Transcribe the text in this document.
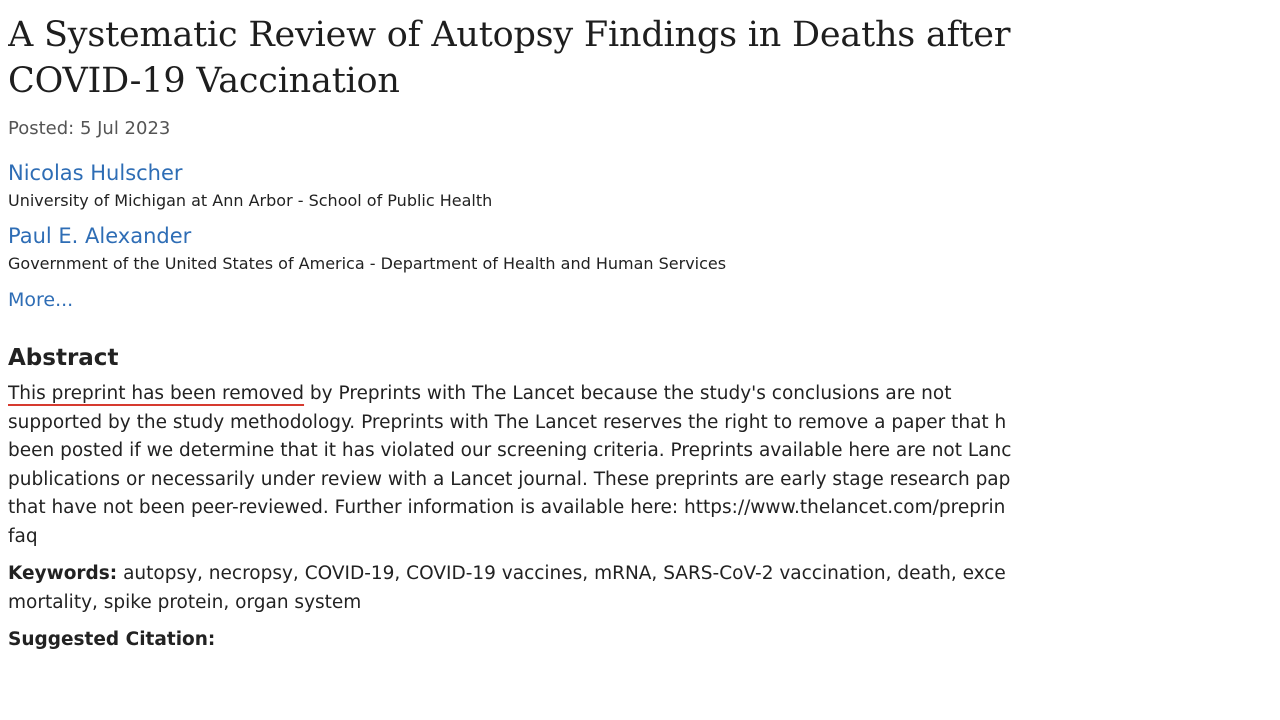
A Systematic Review of Autopsy Findings in Deaths after
COVID-19 Vaccination
Posted: 5 Jul 2023
Nicolas Hulscher
University of Michigan at Ann Arbor - School of Public Health
Paul E. Alexander
Government of the United States of America - Department of Health and Human Services
More...
Abstract
This preprint has been removed by Preprints with The Lancet because the study's conclusions are not
supported by the study methodology. Preprints with The Lancet reserves the right to remove a paper that h
been posted if we determine that it has violated our screening criteria. Preprints available here are not Lanc
publications or necessarily under review with a Lancet journal. These preprints are early stage research pap
that have not been peer-reviewed. Further information is available here: https://www.thelancet.com/preprin
faq
Keywords: autopsy, necropsy, COVID-19, COVID-19 vaccines, mRNA, SARS-CoV-2 vaccination, death, exce
mortality, spike protein, organ system
Suggested Citation:
